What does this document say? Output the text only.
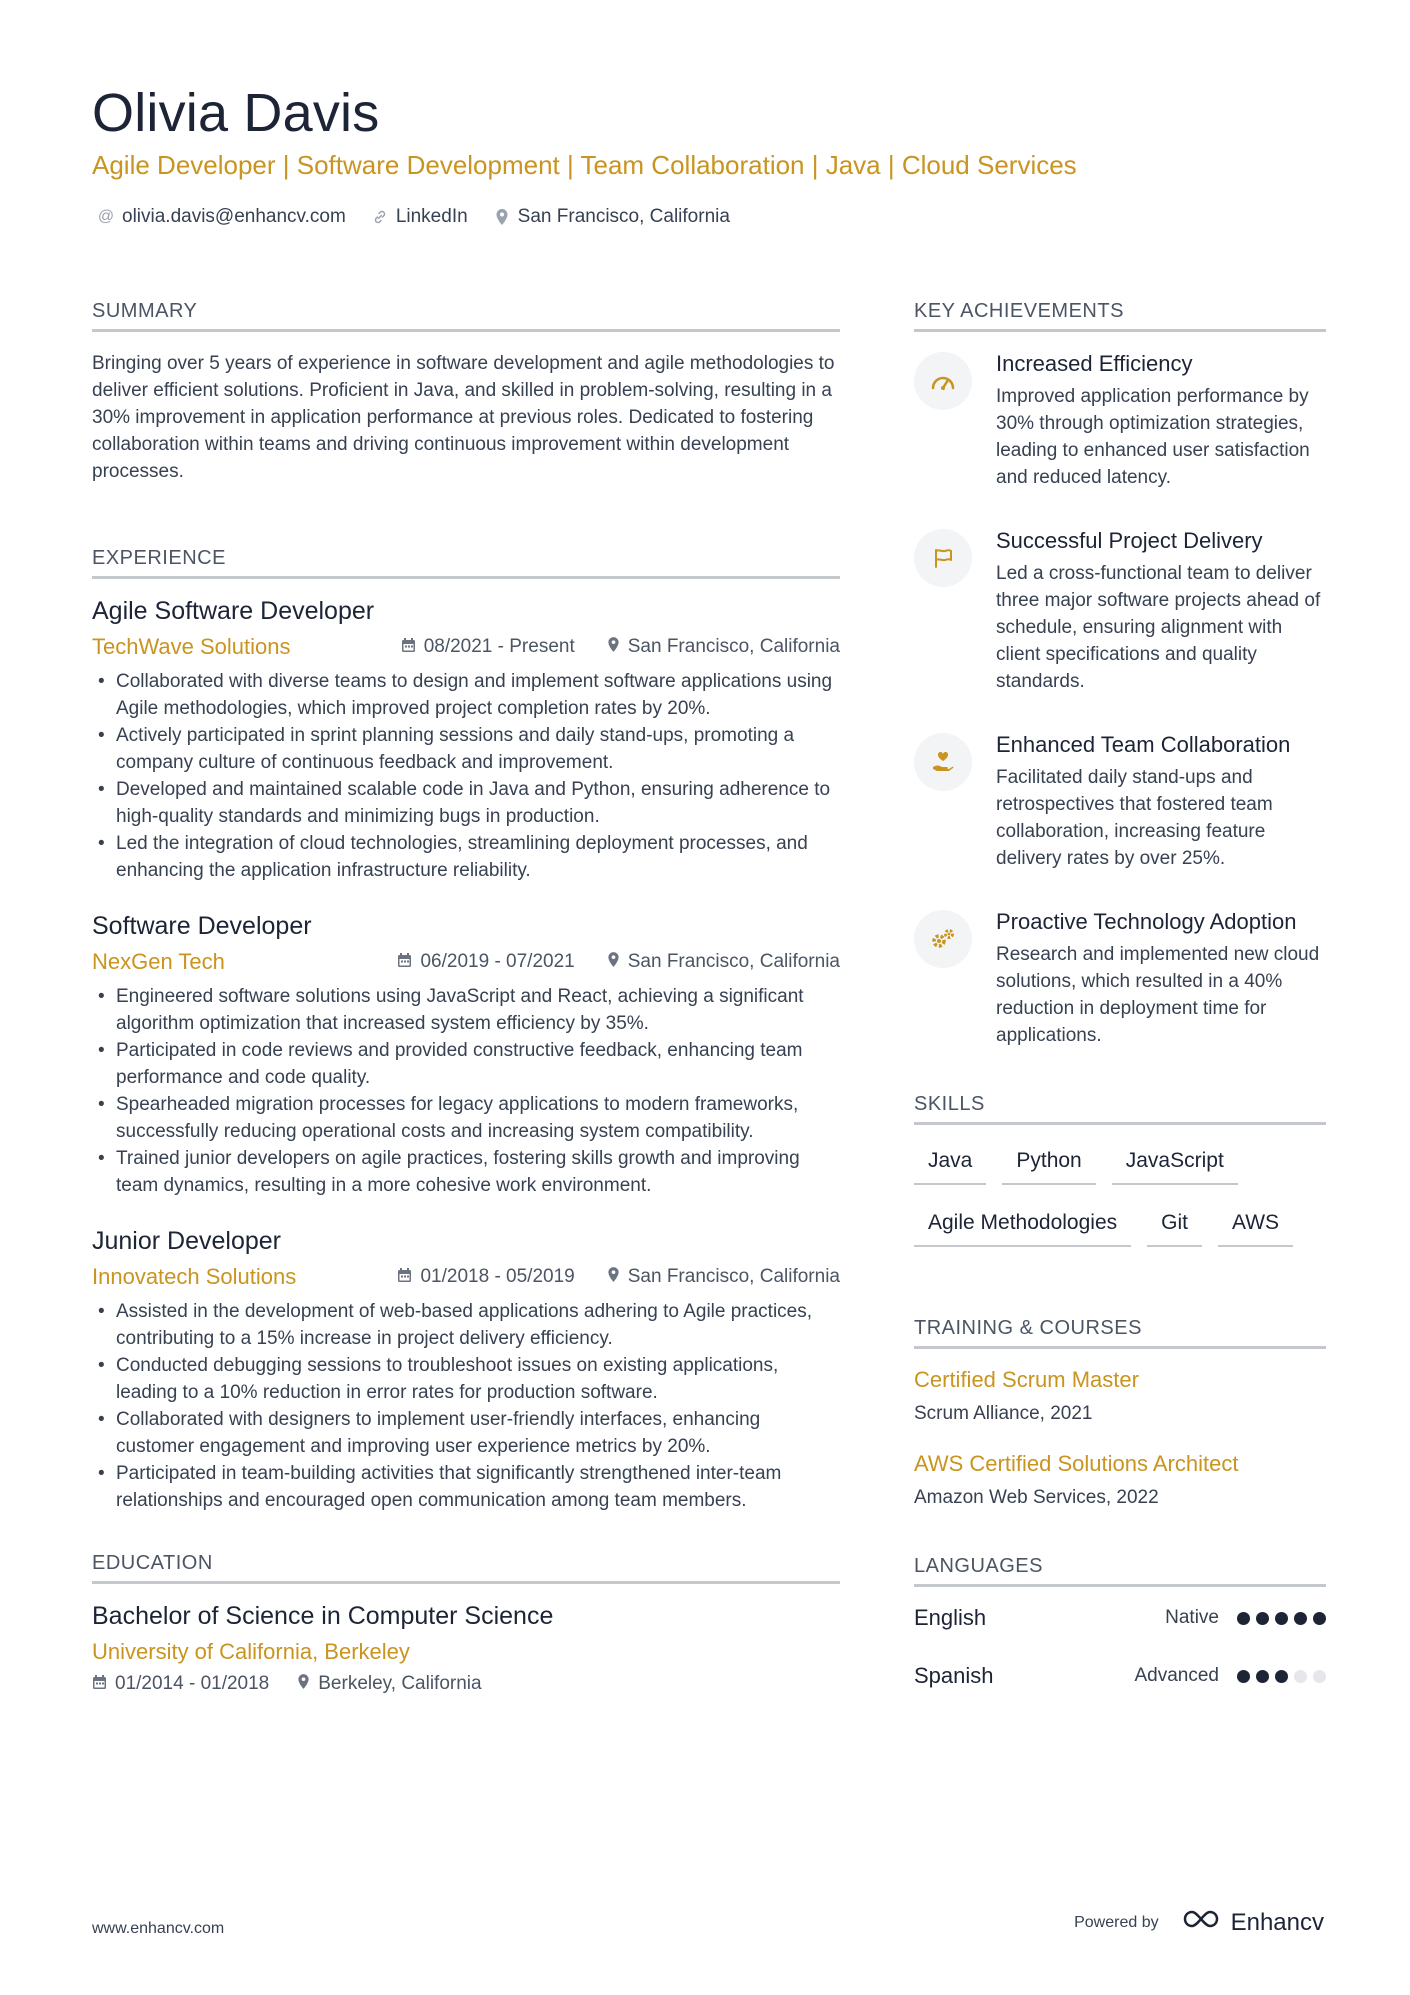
Olivia Davis
Agile Developer | Software Development | Team Collaboration | Java | Cloud Services
@ olivia.davis@enhancv.com	LinkedIn	San Francisco, California
SUMMARY

Bringing over 5 years of experience in software development and agile methodologies to deliver efficient solutions. Proficient in Java, and skilled in problem-solving, resulting in a 30% improvement in application performance at previous roles. Dedicated to fostering collaboration within teams and driving continuous improvement within development processes.

EXPERIENCE
Agile Software Developer
TechWave Solutions	08/2021 - Present	San Francisco, California
• Collaborated with diverse teams to design and implement software applications using Agile methodologies, which improved project completion rates by 20%.
• Actively participated in sprint planning sessions and daily stand-ups, promoting a company culture of continuous feedback and improvement.
• Developed and maintained scalable code in Java and Python, ensuring adherence to high-quality standards and minimizing bugs in production.
• Led the integration of cloud technologies, streamlining deployment processes, and enhancing the application infrastructure reliability.
Software Developer
NexGen Tech	06/2019 - 07/2021	San Francisco, California
• Engineered software solutions using JavaScript and React, achieving a significant algorithm optimization that increased system efficiency by 35%.
• Participated in code reviews and provided constructive feedback, enhancing team performance and code quality.
• Spearheaded migration processes for legacy applications to modern frameworks, successfully reducing operational costs and increasing system compatibility.
• Trained junior developers on agile practices, fostering skills growth and improving team dynamics, resulting in a more cohesive work environment.
Junior Developer
Innovatech Solutions	01/2018 - 05/2019	San Francisco, California
• Assisted in the development of web-based applications adhering to Agile practices, contributing to a 15% increase in project delivery efficiency.
• Conducted debugging sessions to troubleshoot issues on existing applications, leading to a 10% reduction in error rates for production software.
• Collaborated with designers to implement user-friendly interfaces, enhancing customer engagement and improving user experience metrics by 20%.
• Participated in team-building activities that significantly strengthened inter-team relationships and encouraged open communication among team members.
EDUCATION
Bachelor of Science in Computer Science
University of California, Berkeley
01/2014 - 01/2018	Berkeley, California
KEY ACHIEVEMENTS
Increased Efficiency
Improved application performance by 30% through optimization strategies, leading to enhanced user satisfaction and reduced latency.
Successful Project Delivery
Led a cross-functional team to deliver three major software projects ahead of schedule, ensuring alignment with client specifications and quality standards.
Enhanced Team Collaboration
Facilitated daily stand-ups and retrospectives that fostered team collaboration, increasing feature delivery rates by over 25%.
Proactive Technology Adoption
Research and implemented new cloud solutions, which resulted in a 40% reduction in deployment time for applications.
SKILLS
Java	Python	JavaScript
Agile Methodologies	Git	AWS
TRAINING & COURSES
Certified Scrum Master
Scrum Alliance, 2021
AWS Certified Solutions Architect
Amazon Web Services, 2022
LANGUAGES
English	Native
Spanish	Advanced
www.enhancv.com	Powered by	Enhancv
